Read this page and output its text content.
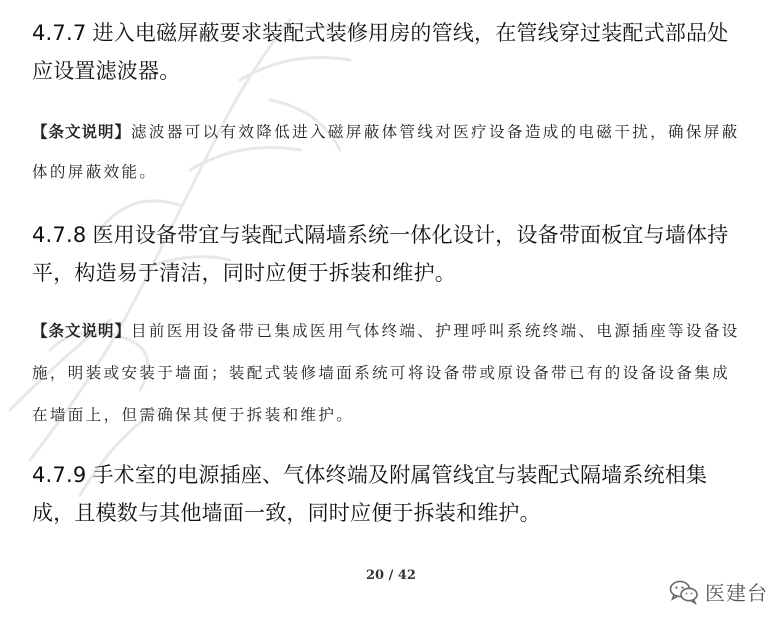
4.7.7 进入电磁屏蔽要求装配式装修用房的管线，在管线穿过装配式部品处应设置滤波器。

【条文说明】滤波器可以有效降低进入磁屏蔽体管线对医疗设备造成的电磁干扰，确保屏蔽体的屏蔽效能。

4.7.8 医用设备带宜与装配式隔墙系统一体化设计，设备带面板宜与墙体持平，构造易于清洁，同时应便于拆装和维护。

【条文说明】目前医用设备带已集成医用气体终端、护理呼叫系统终端、电源插座等设备设施，明装或安装于墙面；装配式装修墙面系统可将设备带或原设备带已有的设备设备集成在墙面上，但需确保其便于拆装和维护。

4.7.9 手术室的电源插座、气体终端及附属管线宜与装配式隔墙系统相集成，且模数与其他墙面一致，同时应便于拆装和维护。

20 / 42
医建台
